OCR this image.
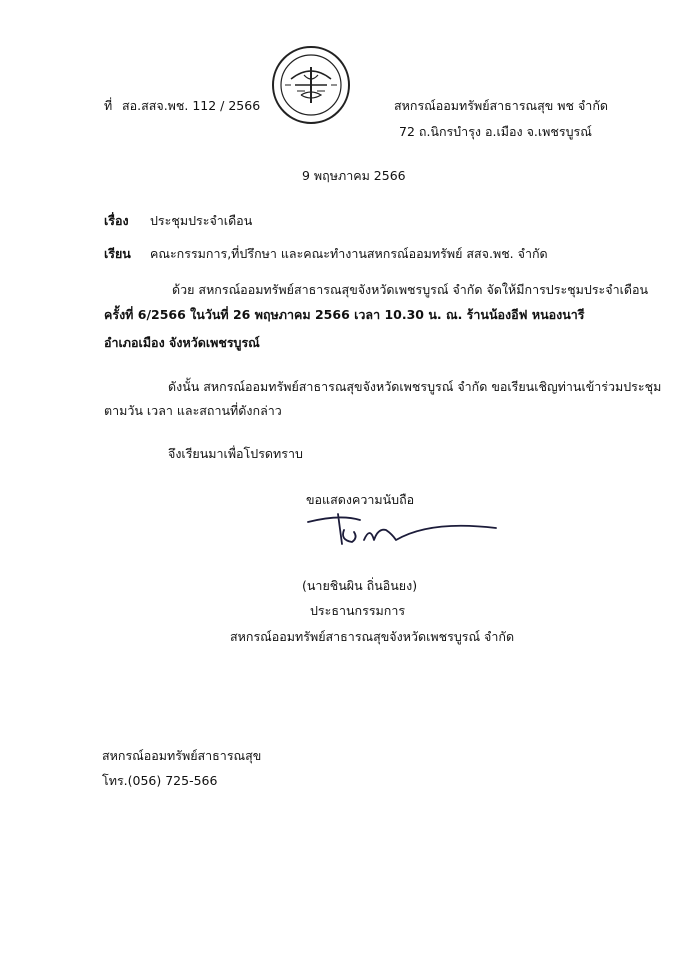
ที่ สอ.สสจ.พช. 112 / 2566	สหกรณ์ออมทรัพย์สาธารณสุข พช จำกัด
72 ถ.นิกรบำรุง อ.เมือง จ.เพชรบูรณ์
9 พฤษภาคม 2566
เรื่อง ประชุมประจำเดือน
เรียน คณะกรรมการ,ที่ปรึกษา และคณะทำงานสหกรณ์ออมทรัพย์ สสจ.พช. จำกัด
ด้วย สหกรณ์ออมทรัพย์สาธารณสุขจังหวัดเพชรบูรณ์ จำกัด จัดให้มีการประชุมประจำเดือน
ครั้งที่ 6/2566 ในวันที่ 26 พฤษภาคม 2566 เวลา 10.30 น. ณ. ร้านน้องอีฟ หนองนารี
อำเภอเมือง จังหวัดเพชรบูรณ์
ดังนั้น สหกรณ์ออมทรัพย์สาธารณสุขจังหวัดเพชรบูรณ์ จำกัด ขอเรียนเชิญท่านเข้าร่วมประชุม
ตามวัน เวลา และสถานที่ดังกล่าว
จึงเรียนมาเพื่อโปรดทราบ
ขอแสดงความนับถือ
(นายชินผิน ถิ่นอินยง)
ประธานกรรมการ
สหกรณ์ออมทรัพย์สาธารณสุขจังหวัดเพชรบูรณ์ จำกัด
สหกรณ์ออมทรัพย์สาธารณสุข
โทร.(056) 725-566
